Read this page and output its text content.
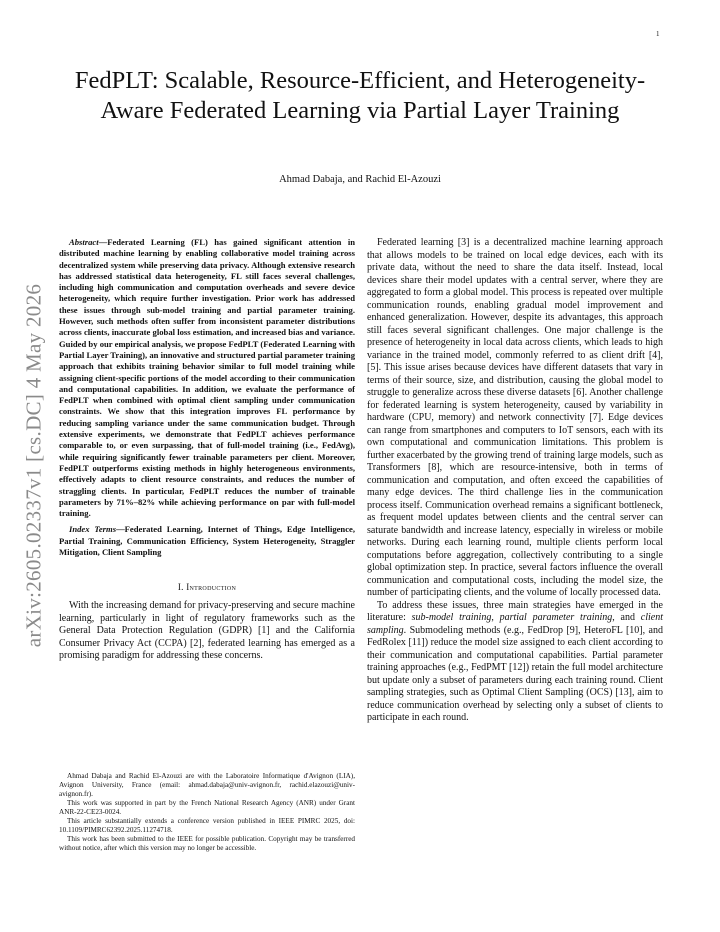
1
arXiv:2605.02337v1 [cs.DC] 4 May 2026
FedPLT: Scalable, Resource-Efficient, and Heterogeneity-Aware Federated Learning via Partial Layer Training
Ahmad Dabaja, and Rachid El-Azouzi

Abstract—Federated Learning (FL) has gained significant attention in distributed machine learning by enabling collaborative model training across decentralized system while preserving data privacy. Although extensive research has addressed statistical data heterogeneity, FL still faces several challenges, including high communication and computation overheads and severe device heterogeneity, which require further investigation. Prior work has addressed these issues through sub-model training and partial parameter training. However, such methods often suffer from inconsistent parameter distributions across clients, inaccurate global loss estimation, and increased bias and variance. Guided by our empirical analysis, we propose FedPLT (Federated Learning with Partial Layer Training), an innovative and structured partial parameter training approach that exhibits training behavior similar to full model training while assigning client-specific portions of the model according to their communication and computational capabilities. In addition, we evaluate the performance of FedPLT when combined with optimal client sampling under communication constraints. We show that this integration improves FL performance by reducing sampling variance under the same communication budget. Through extensive experiments, we demonstrate that FedPLT achieves performance comparable to, or even surpassing, that of full-model training (i.e., FedAvg), while requiring significantly fewer trainable parameters per client. Moreover, FedPLT outperforms existing methods in highly heterogeneous environments, effectively adapts to client resource constraints, and reduces the number of straggling clients. In particular, FedPLT reduces the number of trainable parameters by 71%–82% while achieving performance on par with full-model training.

Index Terms—Federated Learning, Internet of Things, Edge Intelligence, Partial Training, Communication Efficiency, System Heterogeneity, Straggler Mitigation, Client Sampling

I. Introduction

With the increasing demand for privacy-preserving and secure machine learning, particularly in light of regulatory frameworks such as the General Data Protection Regulation (GDPR) [1] and the California Consumer Privacy Act (CCPA) [2], federated learning has emerged as a promising paradigm for addressing these concerns.

Ahmad Dabaja and Rachid El-Azouzi are with the Laboratoire Informatique d'Avignon (LIA), Avignon University, France (email: ahmad.dabaja@univ-avignon.fr, rachid.elazouzi@univ-avignon.fr).

This work was supported in part by the French National Research Agency (ANR) under Grant ANR-22-CE23-0024.

This article substantially extends a conference version published in IEEE PIMRC 2025, doi: 10.1109/PIMRC62392.2025.11274718.

This work has been submitted to the IEEE for possible publication. Copyright may be transferred without notice, after which this version may no longer be accessible.

Federated learning [3] is a decentralized machine learning approach that allows models to be trained on local edge devices, each with its private data, without the need to share the data itself. Instead, local devices share their model updates with a central server, where they are aggregated to form a global model. This process is repeated over multiple communication rounds, enabling gradual model improvement and enhanced generalization. However, despite its advantages, this approach still faces several significant challenges. One major challenge is the presence of heterogeneity in local data across clients, which leads to high variance in the trained model, commonly referred to as client drift [4], [5]. This issue arises because devices have different datasets that vary in terms of their source, size, and distribution, causing the global model to struggle to generalize across these diverse datasets [6]. Another challenge for federated learning is system heterogeneity, caused by variability in hardware (CPU, memory) and network connectivity [7]. Edge devices can range from smartphones and computers to IoT sensors, each with its own computational and communication limitations. This problem is further exacerbated by the growing trend of training large models, such as Transformers [8], which are resource-intensive, both in terms of communication and computation, and often exceed the capabilities of many edge devices. The third challenge lies in the communication process itself. Communication overhead remains a significant bottleneck, as frequent model updates between clients and the central server can saturate bandwidth and increase latency, especially in wireless or mobile networks. During each learning round, multiple clients perform local computations before aggregation, collectively contributing to a single global optimization step. In practice, several factors influence the overall communication and computational costs, including the model size, the number of participating clients, and the volume of locally processed data.

To address these issues, three main strategies have emerged in the literature: sub-model training, partial parameter training, and client sampling. Submodeling methods (e.g., FedDrop [9], HeteroFL [10], and FedRolex [11]) reduce the model size assigned to each client according to their communication and computational capabilities. Partial parameter training approaches (e.g., FedPMT [12]) retain the full model architecture but update only a subset of parameters during each training round. Client sampling strategies, such as Optimal Client Sampling (OCS) [13], aim to reduce communication overhead by selecting only a subset of clients to participate in each round.
